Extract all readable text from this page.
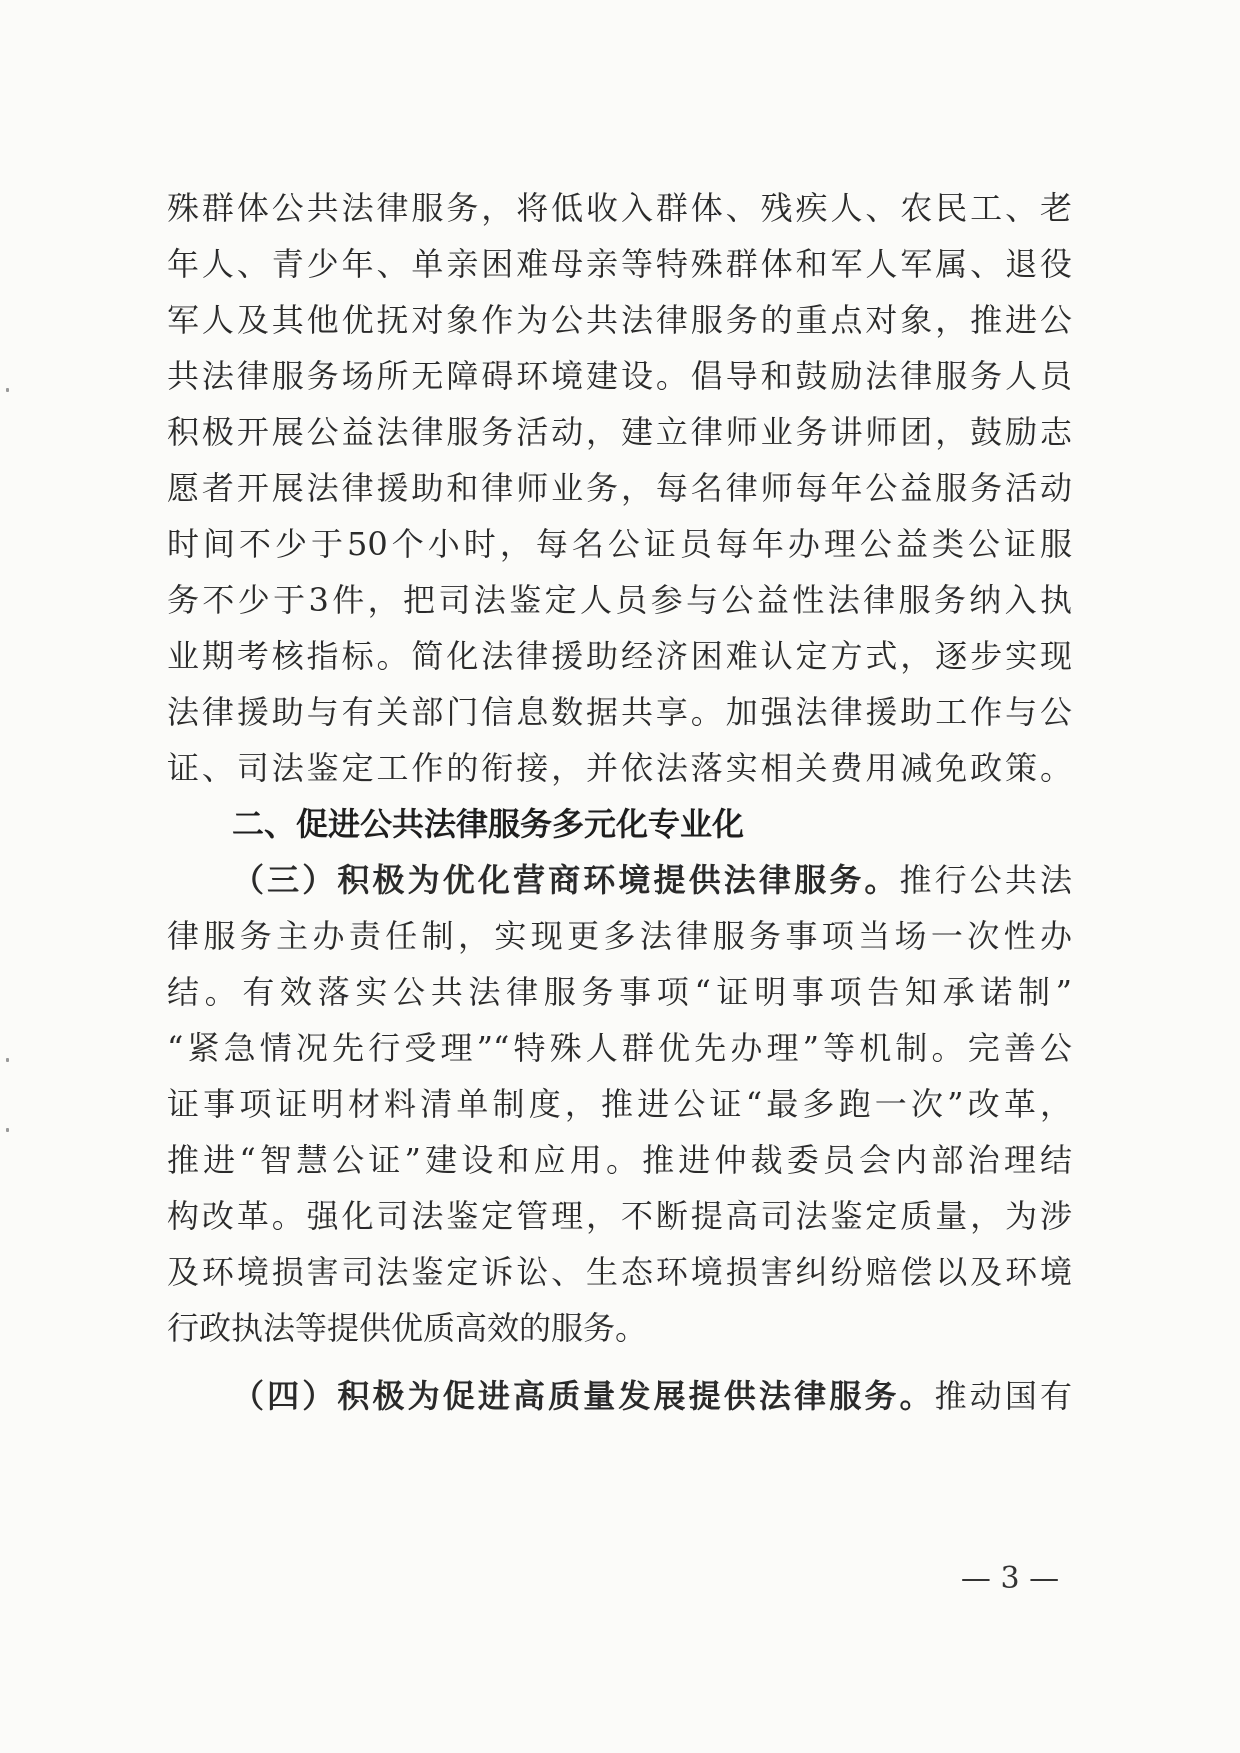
殊群体公共法律服务，将低收入群体、残疾人、农民工、老
年人、青少年、单亲困难母亲等特殊群体和军人军属、退役
军人及其他优抚对象作为公共法律服务的重点对象，推进公
共法律服务场所无障碍环境建设。倡导和鼓励法律服务人员
积极开展公益法律服务活动，建立律师业务讲师团，鼓励志
愿者开展法律援助和律师业务，每名律师每年公益服务活动
时间不少于50个小时，每名公证员每年办理公益类公证服
务不少于3件，把司法鉴定人员参与公益性法律服务纳入执
业期考核指标。简化法律援助经济困难认定方式，逐步实现
法律援助与有关部门信息数据共享。加强法律援助工作与公
证、司法鉴定工作的衔接，并依法落实相关费用减免政策。
二、促进公共法律服务多元化专业化
（三）积极为优化营商环境提供法律服务。推行公共法
律服务主办责任制，实现更多法律服务事项当场一次性办
结。有效落实公共法律服务事项“证明事项告知承诺制”
“紧急情况先行受理”“特殊人群优先办理”等机制。完善公
证事项证明材料清单制度，推进公证“最多跑一次”改革，
推进“智慧公证”建设和应用。推进仲裁委员会内部治理结
构改革。强化司法鉴定管理，不断提高司法鉴定质量，为涉
及环境损害司法鉴定诉讼、生态环境损害纠纷赔偿以及环境
行政执法等提供优质高效的服务。
（四）积极为促进高质量发展提供法律服务。推动国有
— 3 —
